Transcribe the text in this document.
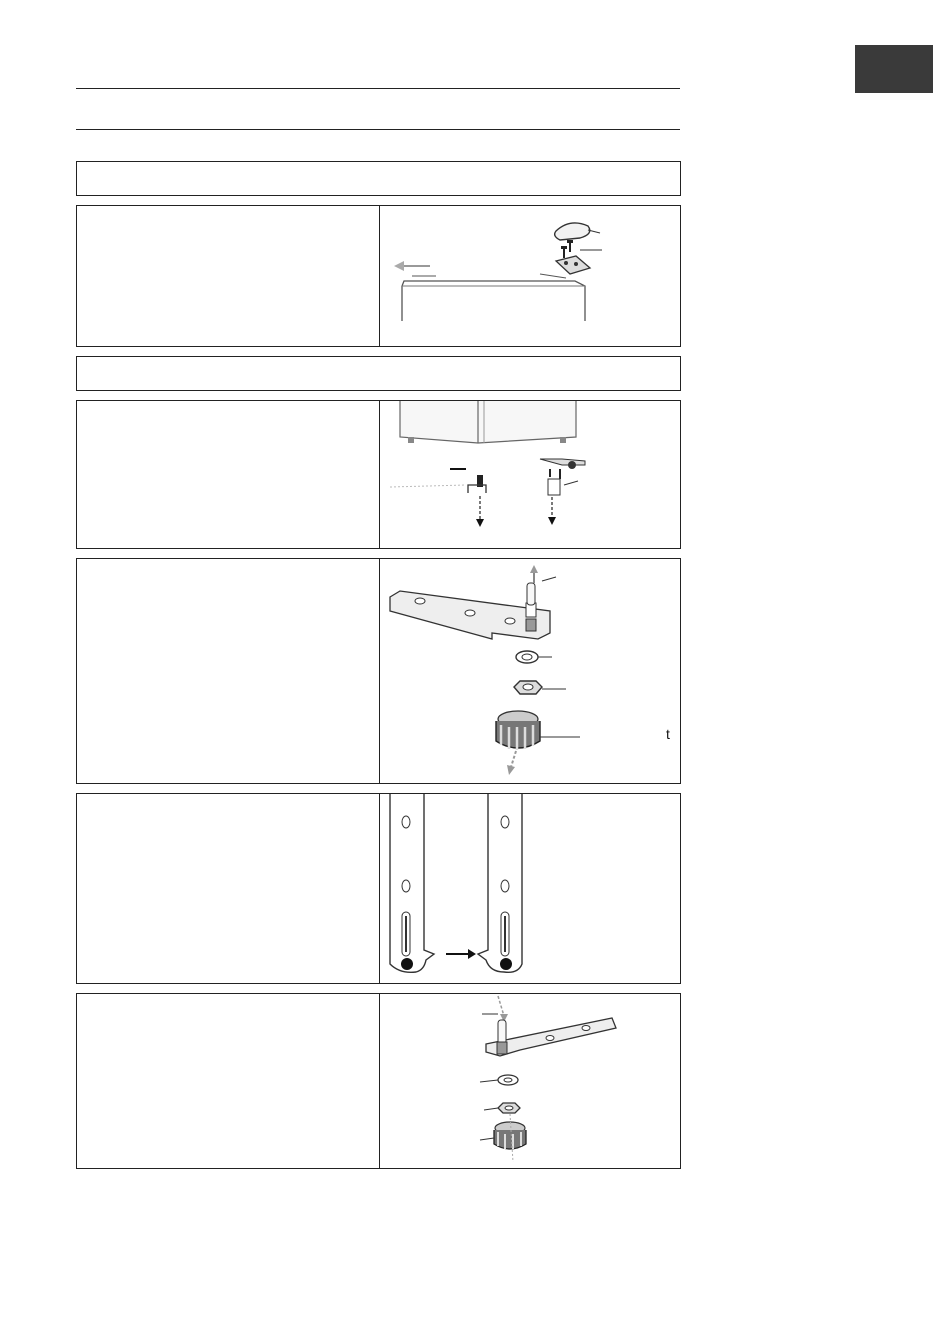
t
